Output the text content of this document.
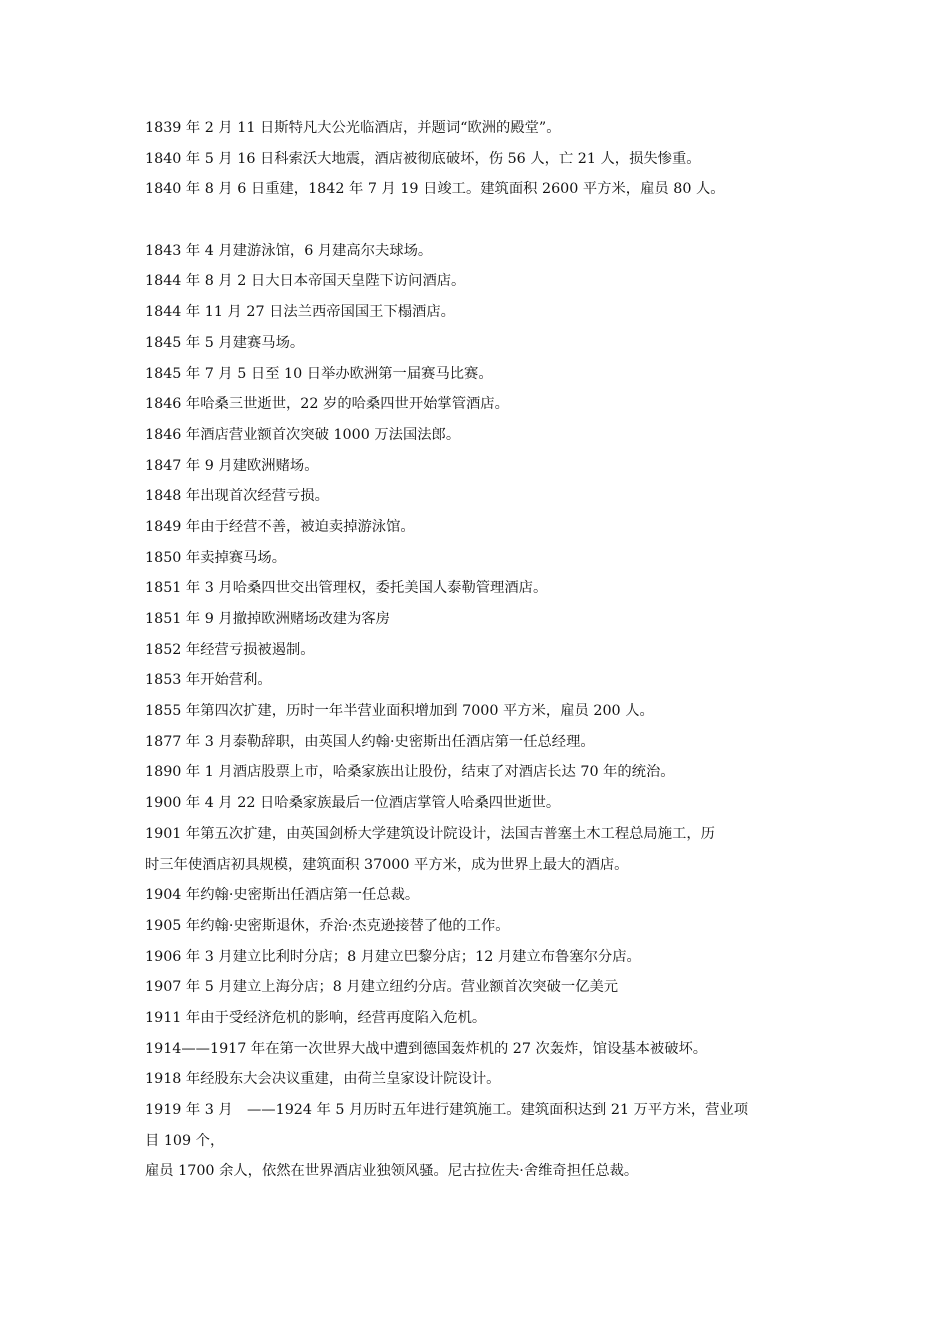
1839 年 2 月 11 日斯特凡大公光临酒店，并题词“欧洲的殿堂”。
1840 年 5 月 16 日科索沃大地震，酒店被彻底破坏，伤 56 人，亡 21 人，损失惨重。
1840 年 8 月 6 日重建，1842 年 7 月 19 日竣工。建筑面积 2600 平方米，雇员 80 人。
1843 年 4 月建游泳馆，6 月建高尔夫球场。
1844 年 8 月 2 日大日本帝国天皇陛下访问酒店。
1844 年 11 月 27 日法兰西帝国国王下榻酒店。
1845 年 5 月建赛马场。
1845 年 7 月 5 日至 10 日举办欧洲第一届赛马比赛。
1846 年哈桑三世逝世，22 岁的哈桑四世开始掌管酒店。
1846 年酒店营业额首次突破 1000 万法国法郎。
1847 年 9 月建欧洲赌场。
1848 年出现首次经营亏损。
1849 年由于经营不善，被迫卖掉游泳馆。
1850 年卖掉赛马场。
1851 年 3 月哈桑四世交出管理权，委托美国人泰勒管理酒店。
1851 年 9 月撤掉欧洲赌场改建为客房
1852 年经营亏损被遏制。
1853 年开始营利。
1855 年第四次扩建，历时一年半营业面积增加到 7000 平方米，雇员 200 人。
1877 年 3 月泰勒辞职，由英国人约翰·史密斯出任酒店第一任总经理。
1890 年 1 月酒店股票上市，哈桑家族出让股份，结束了对酒店长达 70 年的统治。
1900 年 4 月 22 日哈桑家族最后一位酒店掌管人哈桑四世逝世。
1901 年第五次扩建，由英国剑桥大学建筑设计院设计，法国吉普塞土木工程总局施工，历
时三年使酒店初具规模，建筑面积 37000 平方米，成为世界上最大的酒店。
1904 年约翰·史密斯出任酒店第一任总裁。
1905 年约翰·史密斯退休，乔治·杰克逊接替了他的工作。
1906 年 3 月建立比利时分店；8 月建立巴黎分店；12 月建立布鲁塞尔分店。
1907 年 5 月建立上海分店；8 月建立纽约分店。营业额首次突破一亿美元
1911 年由于受经济危机的影响，经营再度陷入危机。
1914——1917 年在第一次世界大战中遭到德国轰炸机的 27 次轰炸，馆设基本被破坏。
1918 年经股东大会决议重建，由荷兰皇家设计院设计。
1919 年 3 月　——1924 年 5 月历时五年进行建筑施工。建筑面积达到 21 万平方米，营业项
目 109 个，
雇员 1700 余人，依然在世界酒店业独领风骚。尼古拉佐夫·舍维奇担任总裁。
